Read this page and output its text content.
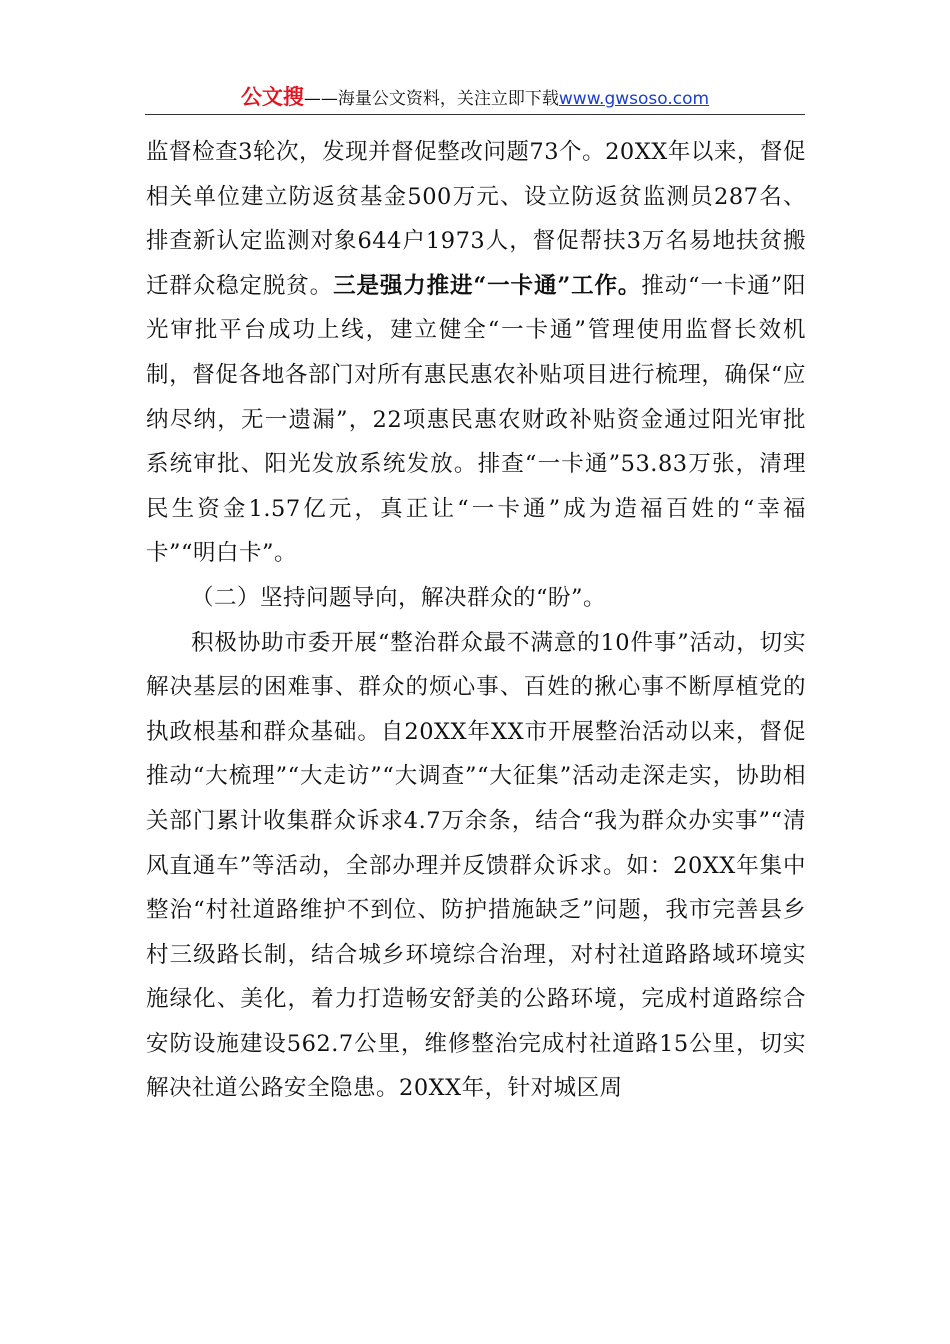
公文搜——海量公文资料，关注立即下载www.gwsoso.com

监督检查3轮次，发现并督促整改问题73个。20XX年以来，督促相关单位建立防返贫基金500万元、设立防返贫监测员287名、排查新认定监测对象644户1973人，督促帮扶3万名易地扶贫搬迁群众稳定脱贫。三是强力推进“一卡通”工作。推动“一卡通”阳光审批平台成功上线，建立健全“一卡通”管理使用监督长效机制，督促各地各部门对所有惠民惠农补贴项目进行梳理，确保“应纳尽纳，无一遗漏”，22项惠民惠农财政补贴资金通过阳光审批系统审批、阳光发放系统发放。排查“一卡通”53.83万张，清理民生资金1.57亿元，真正让“一卡通”成为造福百姓的“幸福卡”“明白卡”。

（二）坚持问题导向，解决群众的“盼”。

积极协助市委开展“整治群众最不满意的10件事”活动，切实解决基层的困难事、群众的烦心事、百姓的揪心事不断厚植党的执政根基和群众基础。自20XX年XX市开展整治活动以来，督促推动“大梳理”“大走访”“大调查”“大征集”活动走深走实，协助相关部门累计收集群众诉求4.7万余条，结合“我为群众办实事”“清风直通车”等活动，全部办理并反馈群众诉求。如：20XX年集中整治“村社道路维护不到位、防护措施缺乏”问题，我市完善县乡村三级路长制，结合城乡环境综合治理，对村社道路路域环境实施绿化、美化，着力打造畅安舒美的公路环境，完成村道路综合安防设施建设562.7公里，维修整治完成村社道路15公里，切实解决社道公路安全隐患。20XX年，针对城区周
